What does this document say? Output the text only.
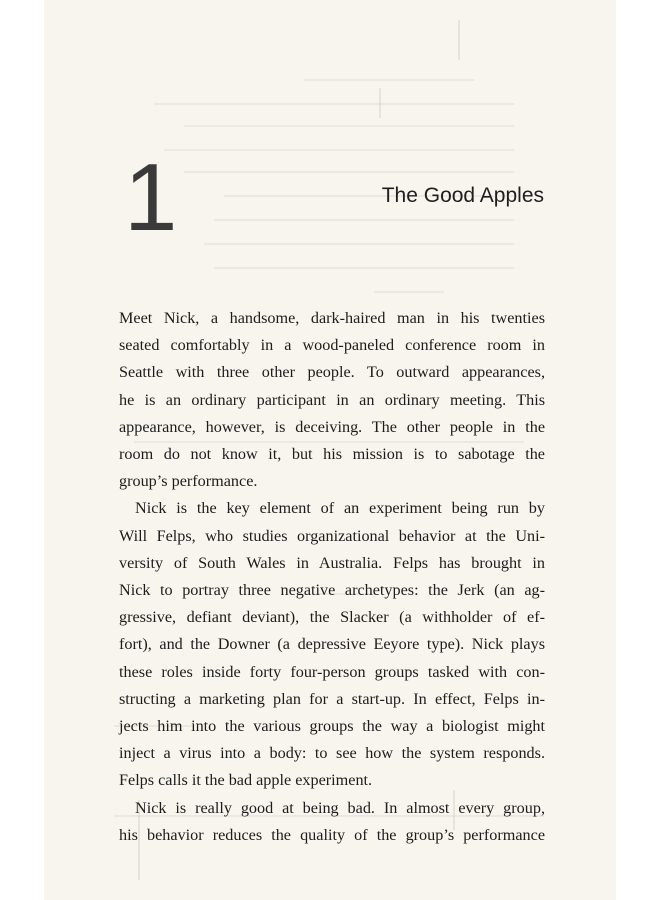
1	The Good Apples

Meet Nick, a handsome, dark-haired man in his twenties
seated comfortably in a wood-paneled conference room in
Seattle with three other people. To outward appearances,
he is an ordinary participant in an ordinary meeting. This
appearance, however, is deceiving. The other people in the
room do not know it, but his mission is to sabotage the
group’s performance.

Nick is the key element of an experiment being run by
Will Felps, who studies organizational behavior at the Uni-
versity of South Wales in Australia. Felps has brought in
Nick to portray three negative archetypes: the Jerk (an ag-
gressive, defiant deviant), the Slacker (a withholder of ef-
fort), and the Downer (a depressive Eeyore type). Nick plays
these roles inside forty four-person groups tasked with con-
structing a marketing plan for a start-up. In effect, Felps in-
jects him into the various groups the way a biologist might
inject a virus into a body: to see how the system responds.
Felps calls it the bad apple experiment.

Nick is really good at being bad. In almost every group,
his behavior reduces the quality of the group’s performance
